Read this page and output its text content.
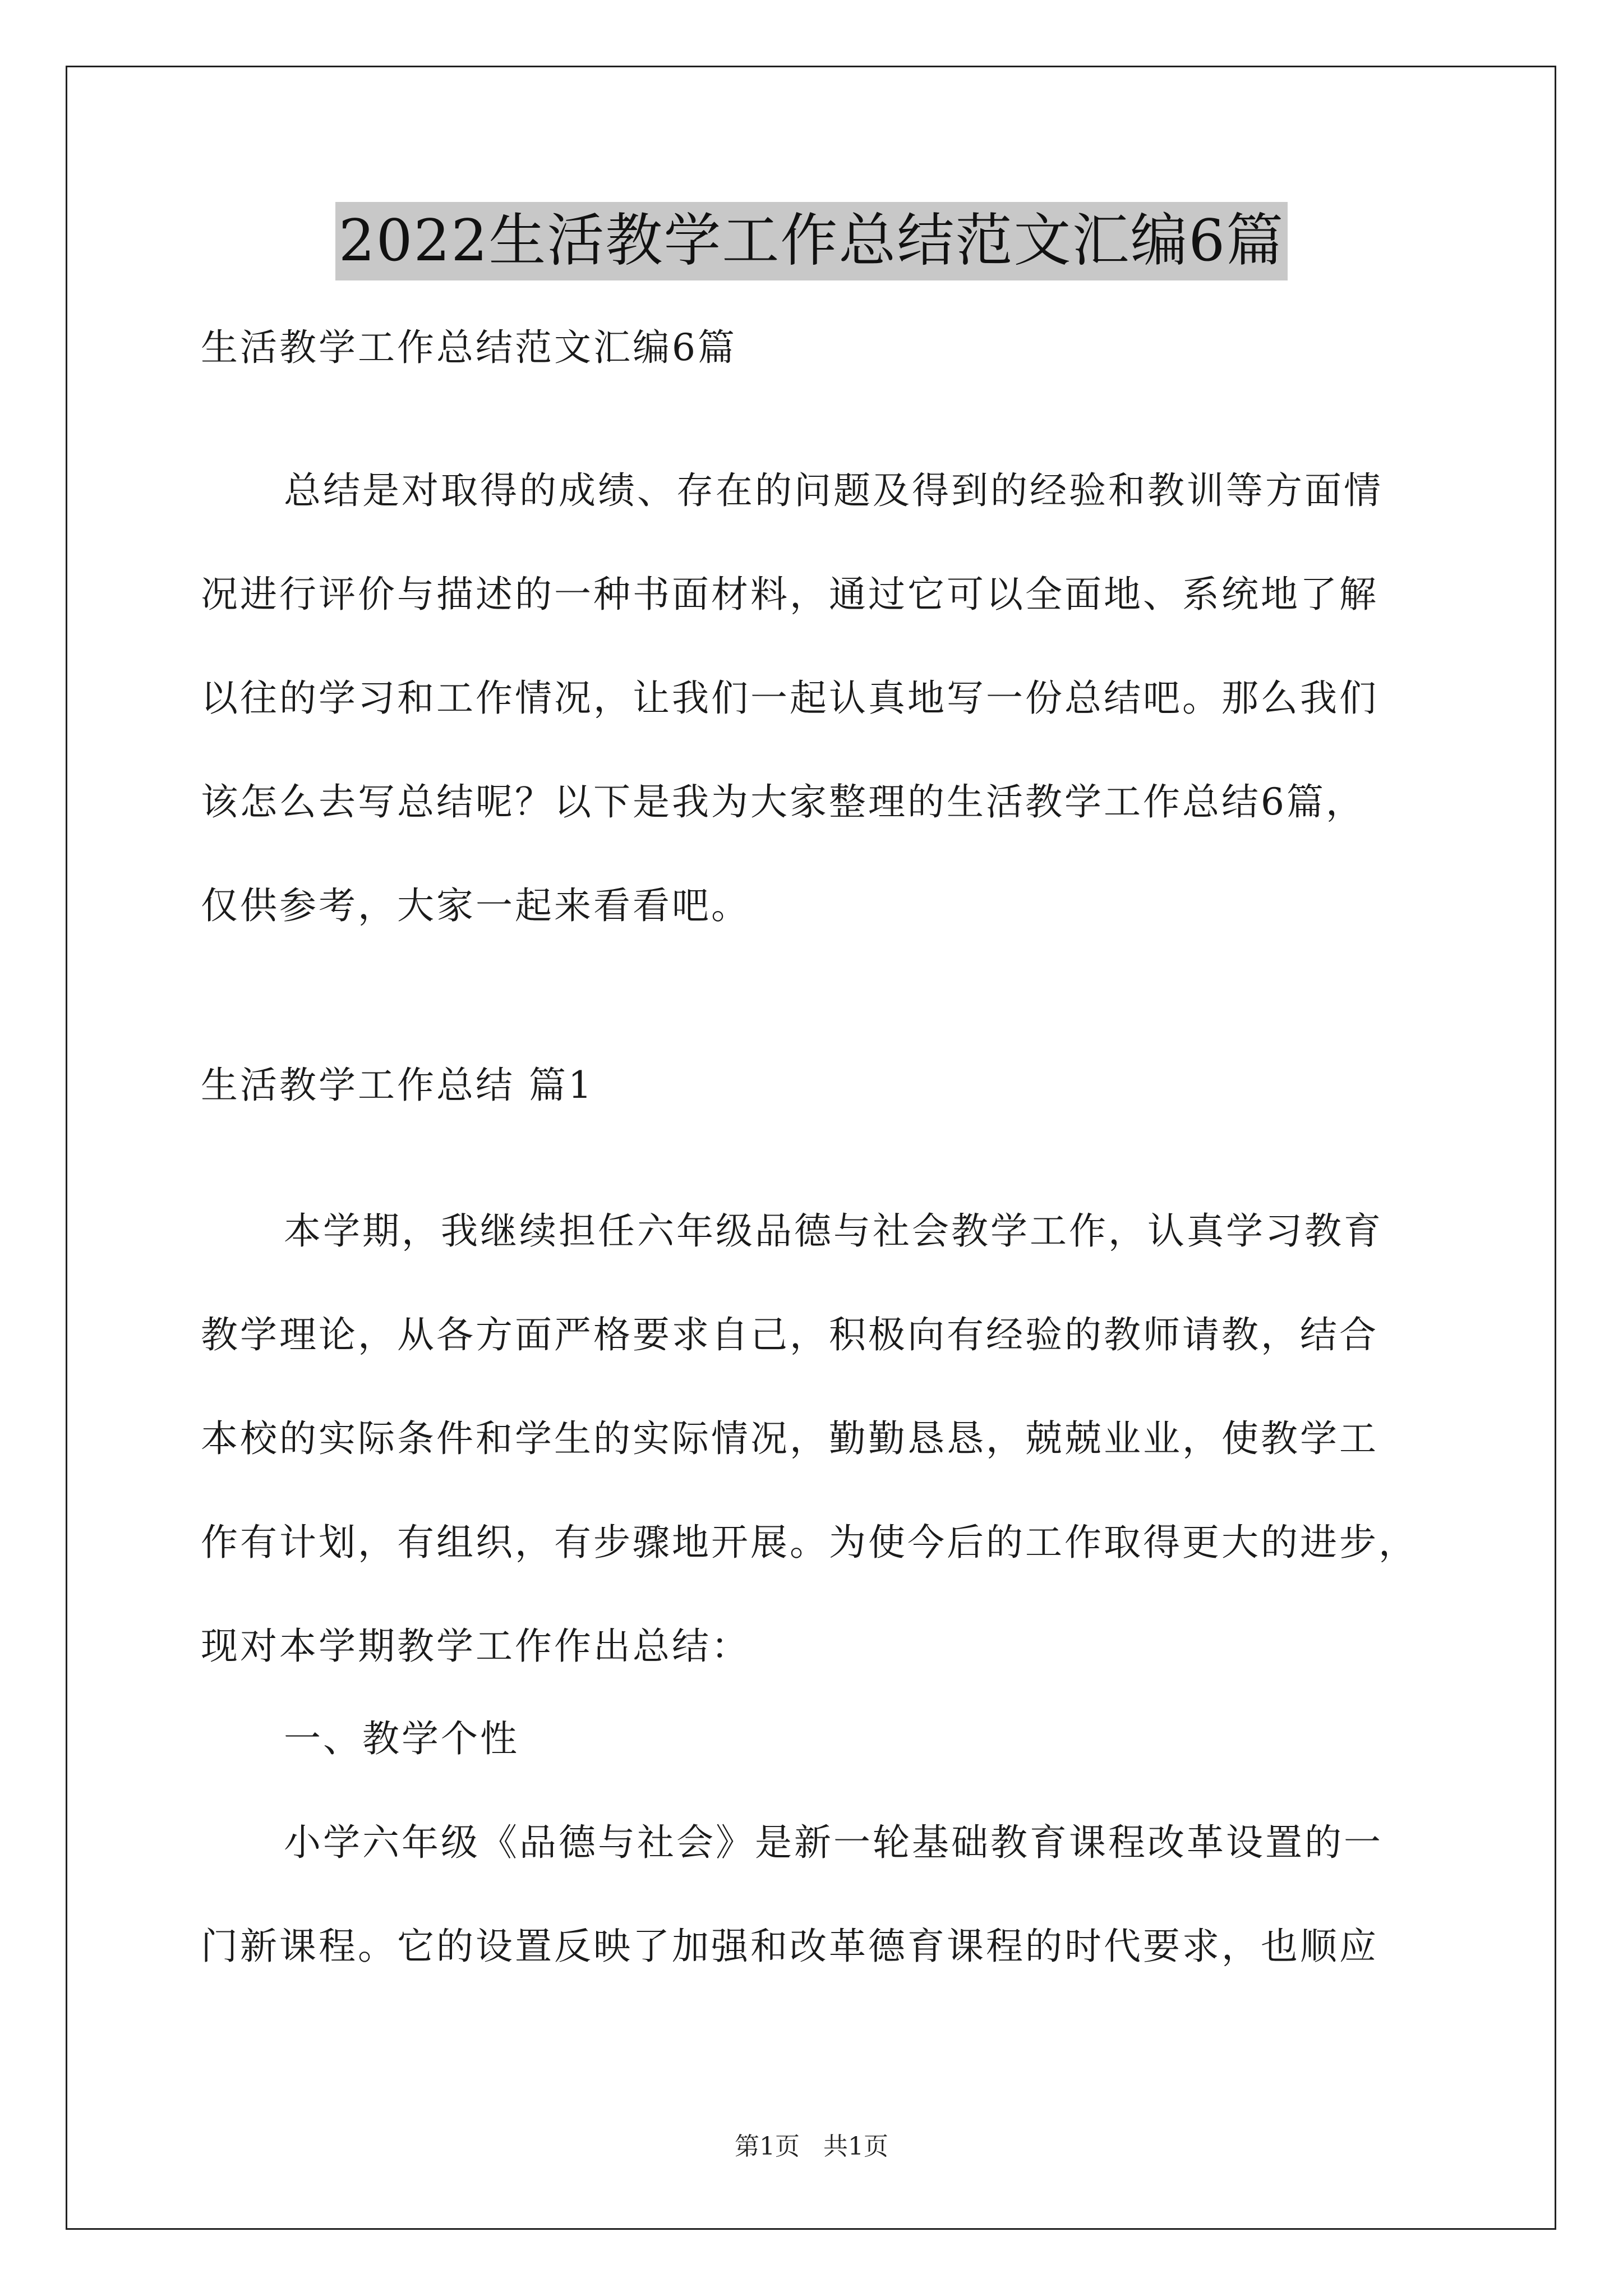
2022生活教学工作总结范文汇编6篇
生活教学工作总结范文汇编6篇
总结是对取得的成绩、存在的问题及得到的经验和教训等方面情
况进行评价与描述的一种书面材料，通过它可以全面地、系统地了解
以往的学习和工作情况，让我们一起认真地写一份总结吧。那么我们
该怎么去写总结呢？以下是我为大家整理的生活教学工作总结6篇，
仅供参考，大家一起来看看吧。
生活教学工作总结 篇1
本学期，我继续担任六年级品德与社会教学工作，认真学习教育
教学理论，从各方面严格要求自己，积极向有经验的教师请教，结合
本校的实际条件和学生的实际情况，勤勤恳恳，兢兢业业，使教学工
作有计划，有组织，有步骤地开展。为使今后的工作取得更大的进步，
现对本学期教学工作作出总结：
一、教学个性
小学六年级《品德与社会》是新一轮基础教育课程改革设置的一
门新课程。它的设置反映了加强和改革德育课程的时代要求，也顺应
第1页   共1页
